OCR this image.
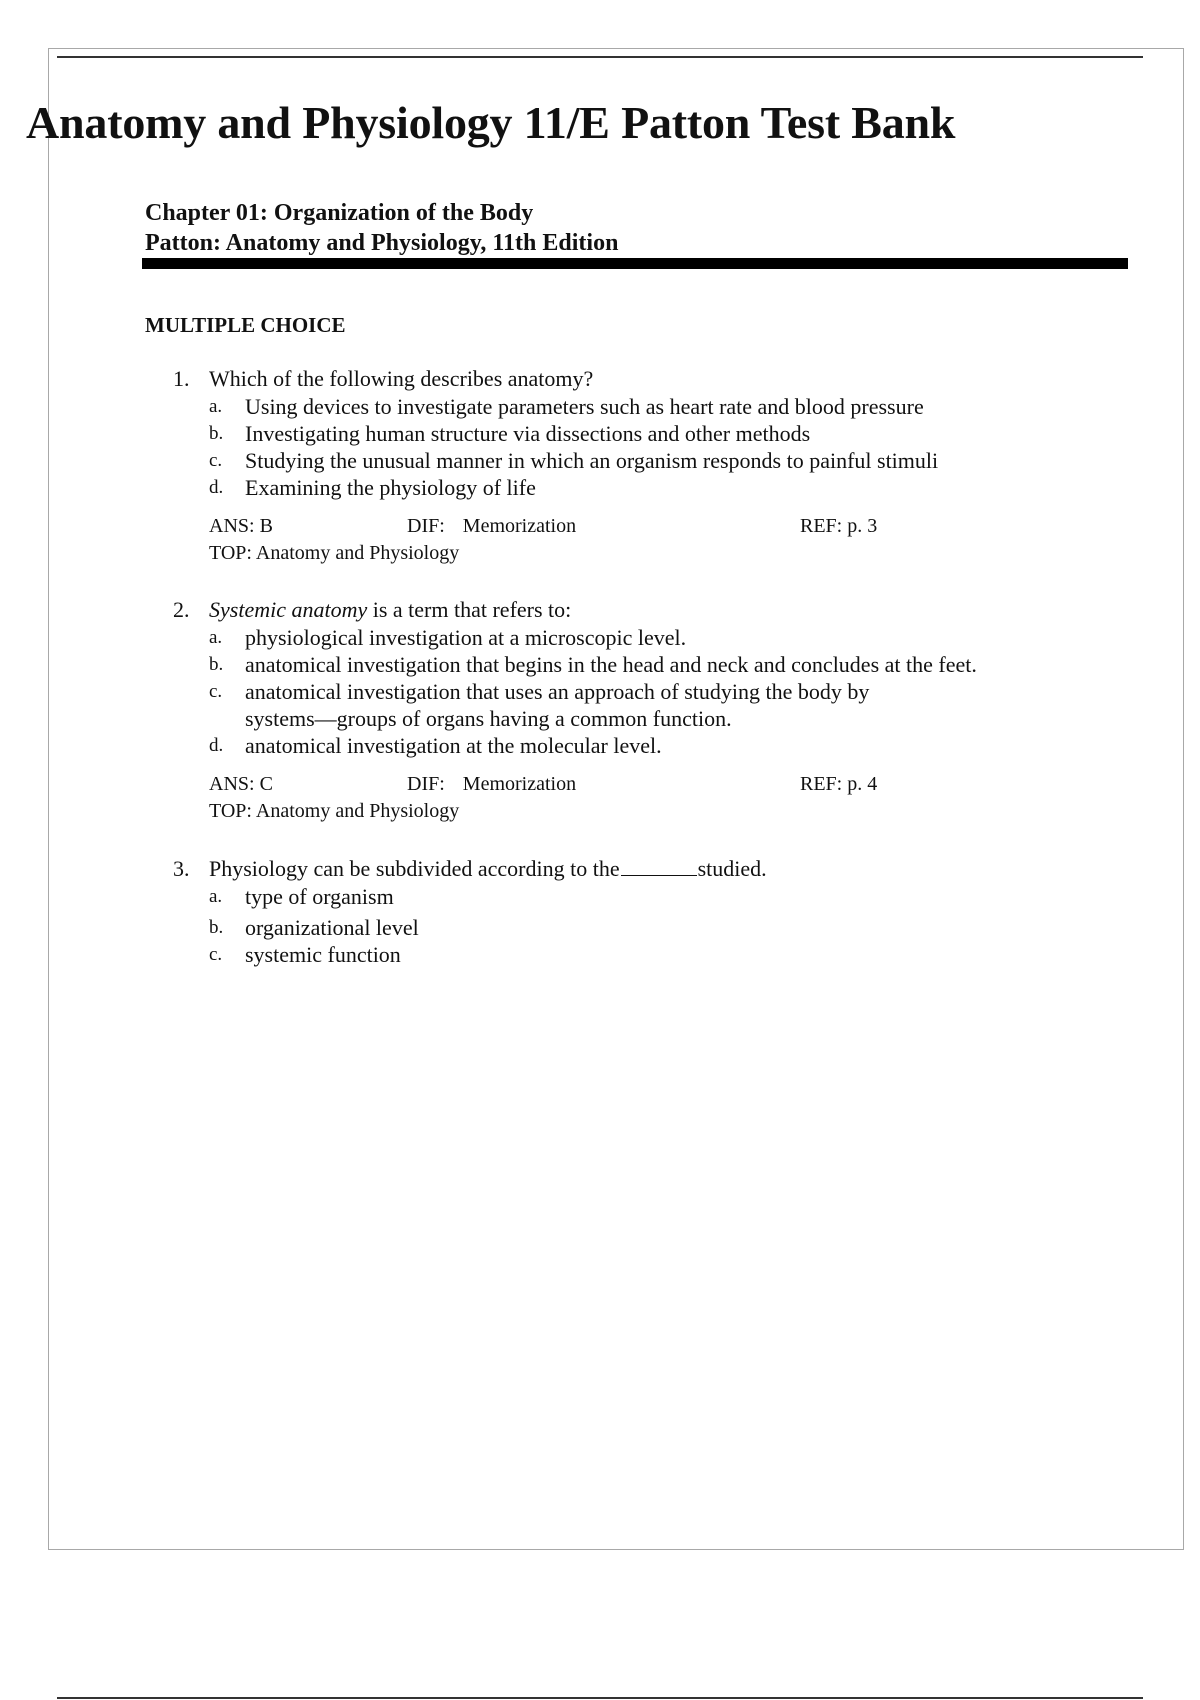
Anatomy and Physiology 11/E Patton Test Bank
Chapter 01: Organization of the Body
Patton: Anatomy and Physiology, 11th Edition
MULTIPLE CHOICE
1. Which of the following describes anatomy?
a.	Using devices to investigate parameters such as heart rate and blood pressure
b. Investigating human structure via dissections and other methods
c.	Studying the unusual manner in which an organism responds to painful stimuli
d. Examining the physiology of life
ANS: B	DIF: Memorization	REF: p. 3
TOP: Anatomy and Physiology
2. Systemic anatomy is a term that refers to:
a.	physiological investigation at a microscopic level.
b. anatomical investigation that begins in the head and neck and concludes at the feet.
c.	anatomical investigation that uses an approach of studying the body by systems—groups of organs having a common function.
d. anatomical investigation at the molecular level.
ANS: C	DIF: Memorization	REF: p. 4
TOP: Anatomy and Physiology
3. Physiology can be subdivided according to the	studied.
a.	type of organism
b. organizational level
c.	systemic function
